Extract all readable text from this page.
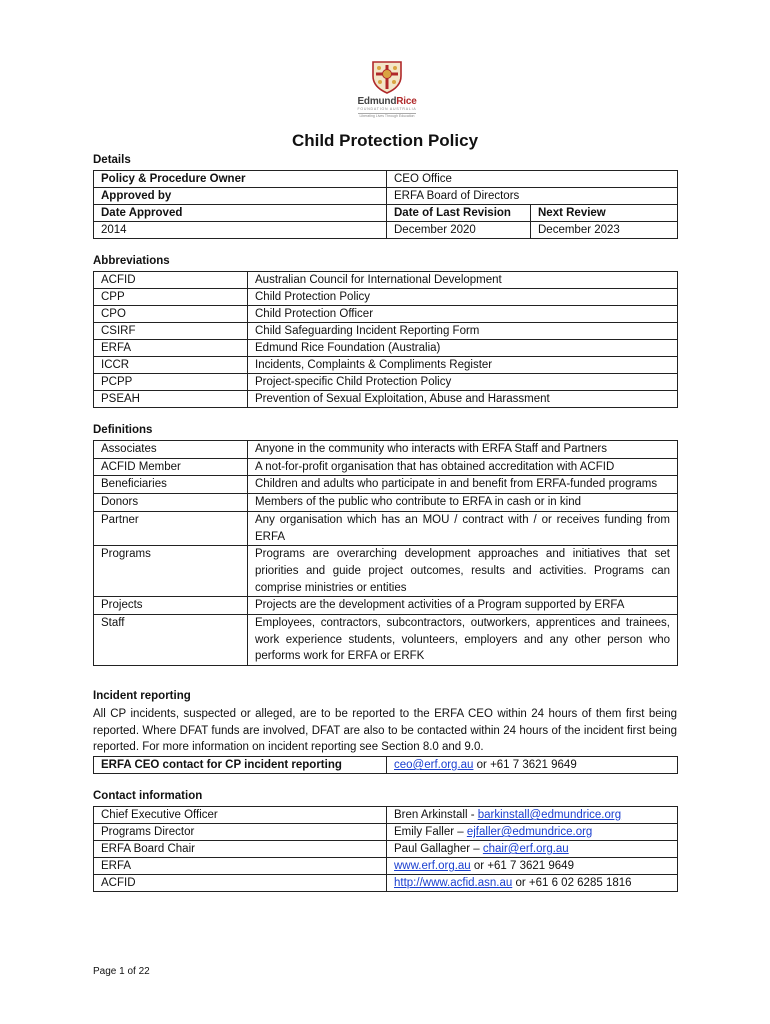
EdmundRice
FOUNDATION AUSTRALIA
Liberating Lives Through Education
Child Protection Policy
Details
Policy & Procedure Owner	CEO Office	
Approved by	ERFA Board of Directors	
Date Approved	Date of Last Revision	Next Review
2014	December 2020	December 2023
Abbreviations
ACFID	Australian Council for International Development
CPP	Child Protection Policy
CPO	Child Protection Officer
CSIRF	Child Safeguarding Incident Reporting Form
ERFA	Edmund Rice Foundation (Australia)
ICCR	Incidents, Complaints & Compliments Register
PCPP	Project-specific Child Protection Policy
PSEAH	Prevention of Sexual Exploitation, Abuse and Harassment
Definitions
Associates	Anyone in the community who interacts with ERFA Staff and Partners
ACFID Member	A not-for-profit organisation that has obtained accreditation with ACFID
Beneficiaries	Children and adults who participate in and benefit from ERFA-funded programs
Donors	Members of the public who contribute to ERFA in cash or in kind
Partner	Any organisation which has an MOU / contract with / or receives funding from ERFA
Programs	Programs are overarching development approaches and initiatives that set priorities and guide project outcomes, results and activities. Programs can comprise ministries or entities
Projects	Projects are the development activities of a Program supported by ERFA
Staff	Employees, contractors, subcontractors, outworkers, apprentices and trainees, work experience students, volunteers, employers and any other person who performs work for ERFA or ERFK
Incident reporting
All CP incidents, suspected or alleged, are to be reported to the ERFA CEO within 24 hours of them first being reported. Where DFAT funds are involved, DFAT are also to be contacted within 24 hours of the incident first being reported. For more information on incident reporting see Section 8.0 and 9.0.
ERFA CEO contact for CP incident reporting	ceo@erf.org.au or +61 7 3621 9649
Contact information
Chief Executive Officer	Bren Arkinstall - barkinstall@edmundrice.org
Programs Director	Emily Faller – ejfaller@edmundrice.org
ERFA Board Chair	Paul Gallagher – chair@erf.org.au
ERFA	www.erf.org.au or +61 7 3621 9649
ACFID	http://www.acfid.asn.au or +61 6 02 6285 1816
Page 1 of 22
